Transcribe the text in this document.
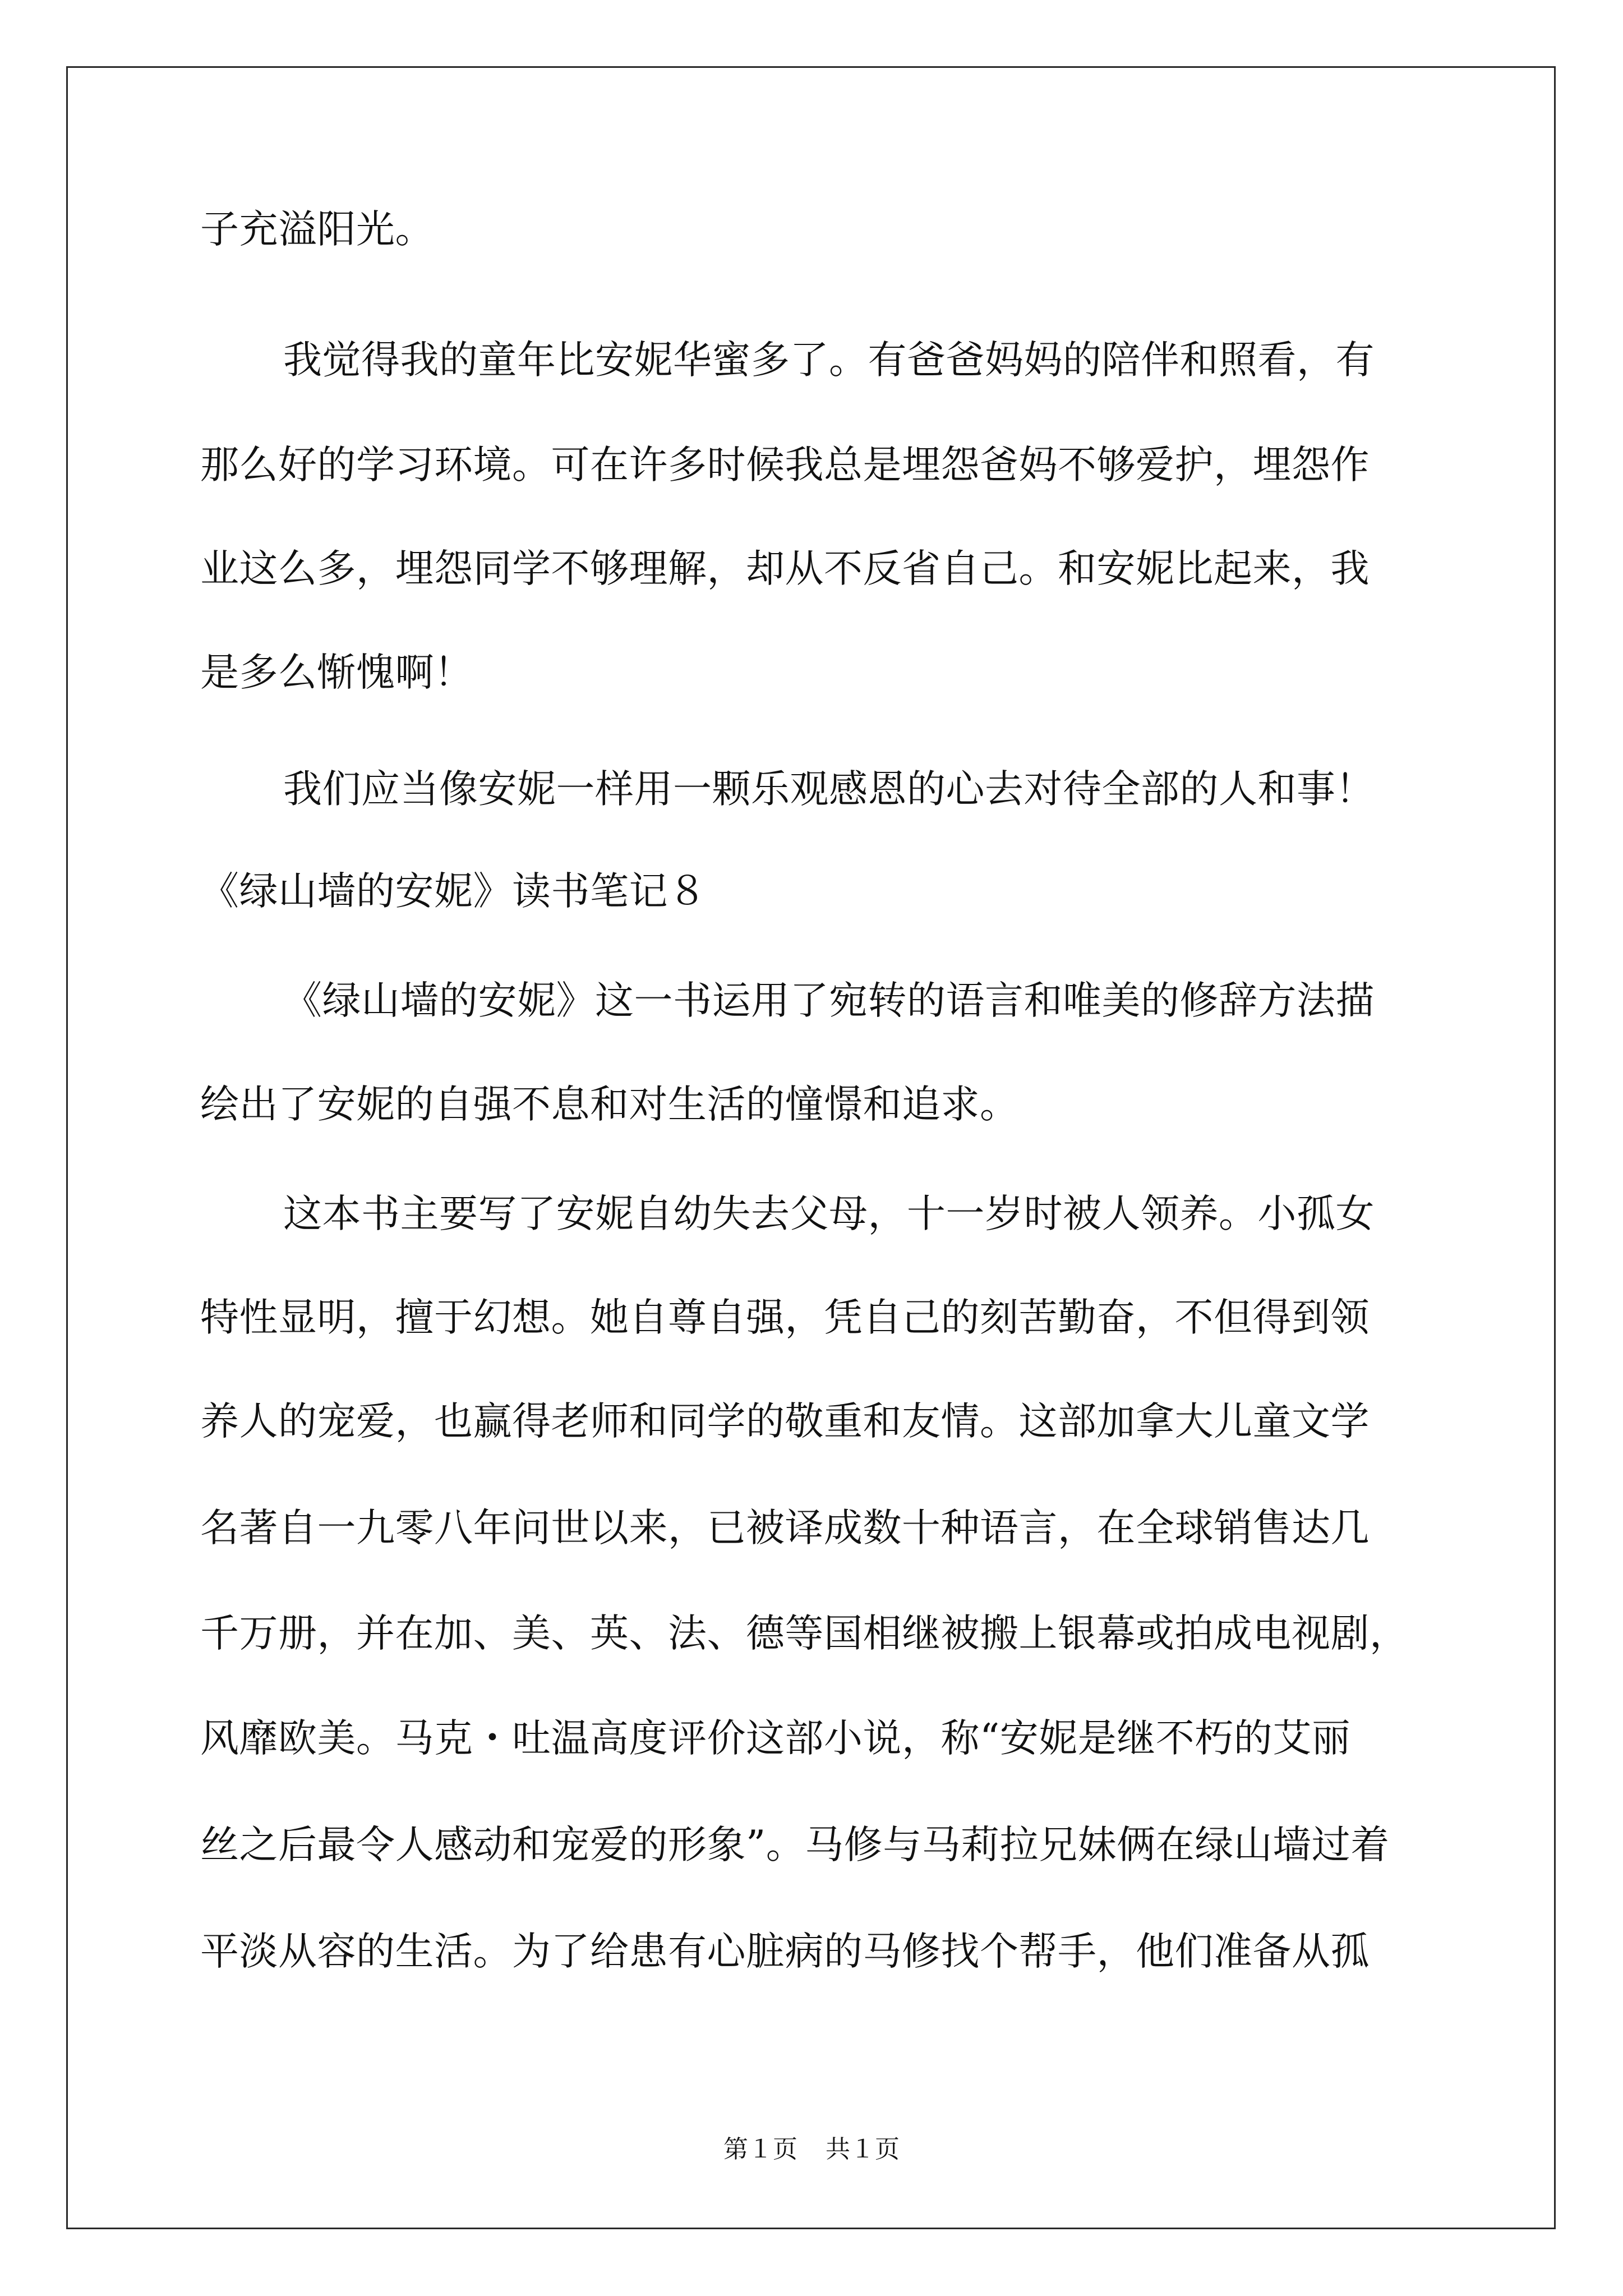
子充溢阳光。
我觉得我的童年比安妮华蜜多了。有爸爸妈妈的陪伴和照看，有
那么好的学习环境。可在许多时候我总是埋怨爸妈不够爱护，埋怨作
业这么多，埋怨同学不够理解，却从不反省自己。和安妮比起来，我
是多么惭愧啊！
我们应当像安妮一样用一颗乐观感恩的心去对待全部的人和事！
《绿山墙的安妮》读书笔记８
《绿山墙的安妮》这一书运用了宛转的语言和唯美的修辞方法描
绘出了安妮的自强不息和对生活的憧憬和追求。
这本书主要写了安妮自幼失去父母，十一岁时被人领养。小孤女
特性显明，擅于幻想。她自尊自强，凭自己的刻苦勤奋，不但得到领
养人的宠爱，也赢得老师和同学的敬重和友情。这部加拿大儿童文学
名著自一九零八年问世以来，已被译成数十种语言，在全球销售达几
千万册，并在加、美、英、法、德等国相继被搬上银幕或拍成电视剧，
风靡欧美。马克・吐温高度评价这部小说，称“安妮是继不朽的艾丽
丝之后最令人感动和宠爱的形象”。马修与马莉拉兄妹俩在绿山墙过着
平淡从容的生活。为了给患有心脏病的马修找个帮手，他们准备从孤
第１页 共１页
